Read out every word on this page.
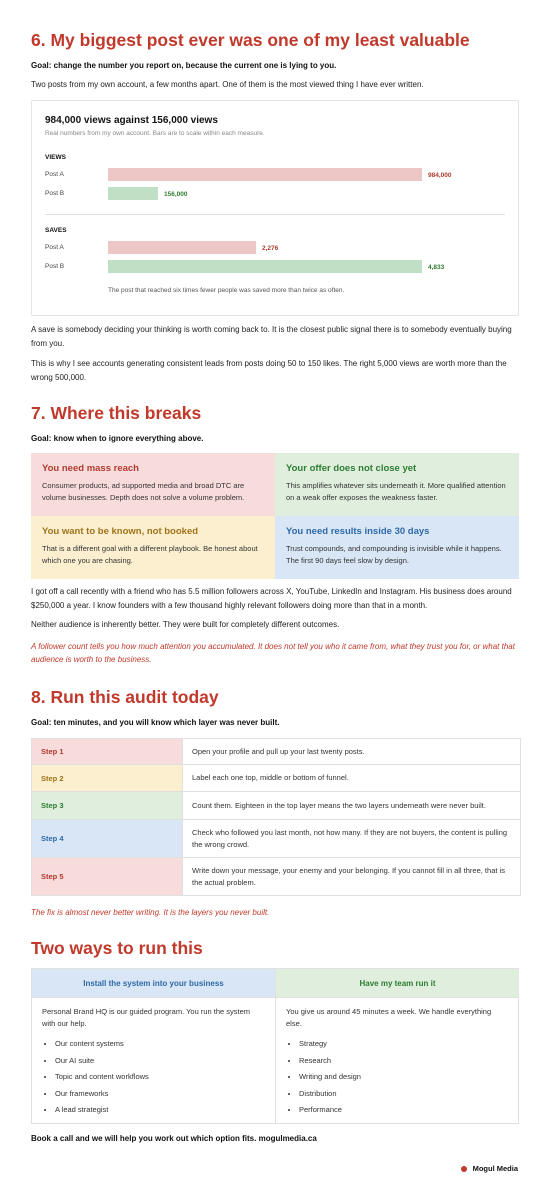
6. My biggest post ever was one of my least valuable
Goal: change the number you report on, because the current one is lying to you.
Two posts from my own account, a few months apart. One of them is the most viewed thing I have ever written.
984,000 views against 156,000 views
Real numbers from my own account. Bars are to scale within each measure.
VIEWS
Post A
Post B
984,000
156,000
SAVES
Post A
Post B
2,276
4,833
The post that reached six times fewer people was saved more than twice as often.
A save is somebody deciding your thinking is worth coming back to. It is the closest public signal there is to somebody eventually buying from you.
This is why I see accounts generating consistent leads from posts doing 50 to 150 likes. The right 5,000 views are worth more than the wrong 500,000.
7. Where this breaks
Goal: know when to ignore everything above.
You need mass reach
Consumer products, ad supported media and broad DTC are volume businesses. Depth does not solve a volume problem.
Your offer does not close yet
This amplifies whatever sits underneath it. More qualified attention on a weak offer exposes the weakness faster.
You want to be known, not booked
That is a different goal with a different playbook. Be honest about which one you are chasing.
You need results inside 30 days
Trust compounds, and compounding is invisible while it happens. The first 90 days feel slow by design.
I got off a call recently with a friend who has 5.5 million followers across X, YouTube, LinkedIn and Instagram. His business does around $250,000 a year. I know founders with a few thousand highly relevant followers doing more than that in a month.
Neither audience is inherently better. They were built for completely different outcomes.
A follower count tells you how much attention you accumulated. It does not tell you who it came from, what they trust you for, or what that audience is worth to the business.
8. Run this audit today
Goal: ten minutes, and you will know which layer was never built.
Step 1	Open your profile and pull up your last twenty posts.
Step 2	Label each one top, middle or bottom of funnel.
Step 3	Count them. Eighteen in the top layer means the two layers underneath were never built.
Step 4
Check who followed you last month, not how many. If they are not buyers, the content is pulling the wrong crowd.
Step 5
Write down your message, your enemy and your belonging. If you cannot fill in all three, that is the actual problem.
The fix is almost never better writing. It is the layers you never built.
Two ways to run this
Install the system into your business
Personal Brand HQ is our guided program. You run the system with our help.
• Our content systems
• Our AI suite
• Topic and content workflows
• Our frameworks
• A lead strategist
Have my team run it
You give us around 45 minutes a week. We handle everything else.
• Strategy
• Research
• Writing and design
• Distribution
• Performance
Book a call and we will help you work out which option fits. mogulmedia.ca
Mogul Media
